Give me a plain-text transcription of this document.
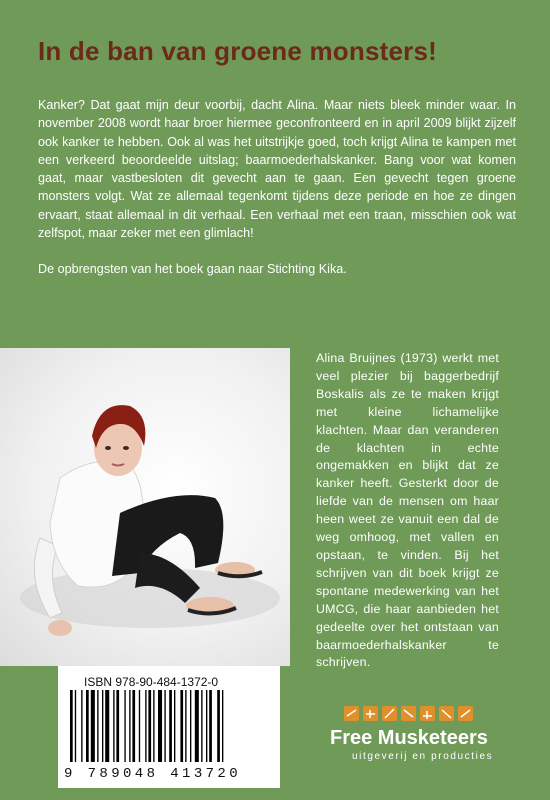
In de ban van groene monsters!

Kanker? Dat gaat mijn deur voorbij, dacht Alina. Maar niets bleek minder waar. In november 2008 wordt haar broer hiermee geconfronteerd en in april 2009 blijkt zijzelf ook kanker te hebben. Ook al was het uitstrijkje goed, toch krijgt Alina te kampen met een verkeerd beoordeelde uitslag; baarmoederhalskanker. Bang voor wat komen gaat, maar vastbesloten dit gevecht aan te gaan. Een gevecht tegen groene monsters volgt. Wat ze allemaal tegenkomt tijdens deze periode en hoe ze dingen ervaart, staat allemaal in dit verhaal. Een verhaal met een traan, misschien ook wat zelfspot, maar zeker met een glimlach!

De opbrengsten van het boek gaan naar Stichting Kika.

Alina Bruijnes (1973) werkt met veel plezier bij baggerbedrijf Boskalis als ze te maken krijgt met kleine lichamelijke klachten. Maar dan veranderen de klachten in echte ongemakken en blijkt dat ze kanker heeft. Gesterkt door de liefde van de mensen om haar heen weet ze vanuit een dal de weg omhoog, met vallen en opstaan, te vinden. Bij het schrijven van dit boek krijgt ze spontane medewerking van het UMCG, die haar aanbieden het gedeelte over het ontstaan van baarmoederhalskanker te schrijven.

ISBN 978-90-484-1372-0
9 789048 413720
Free Musketeers
uitgeverij en producties
